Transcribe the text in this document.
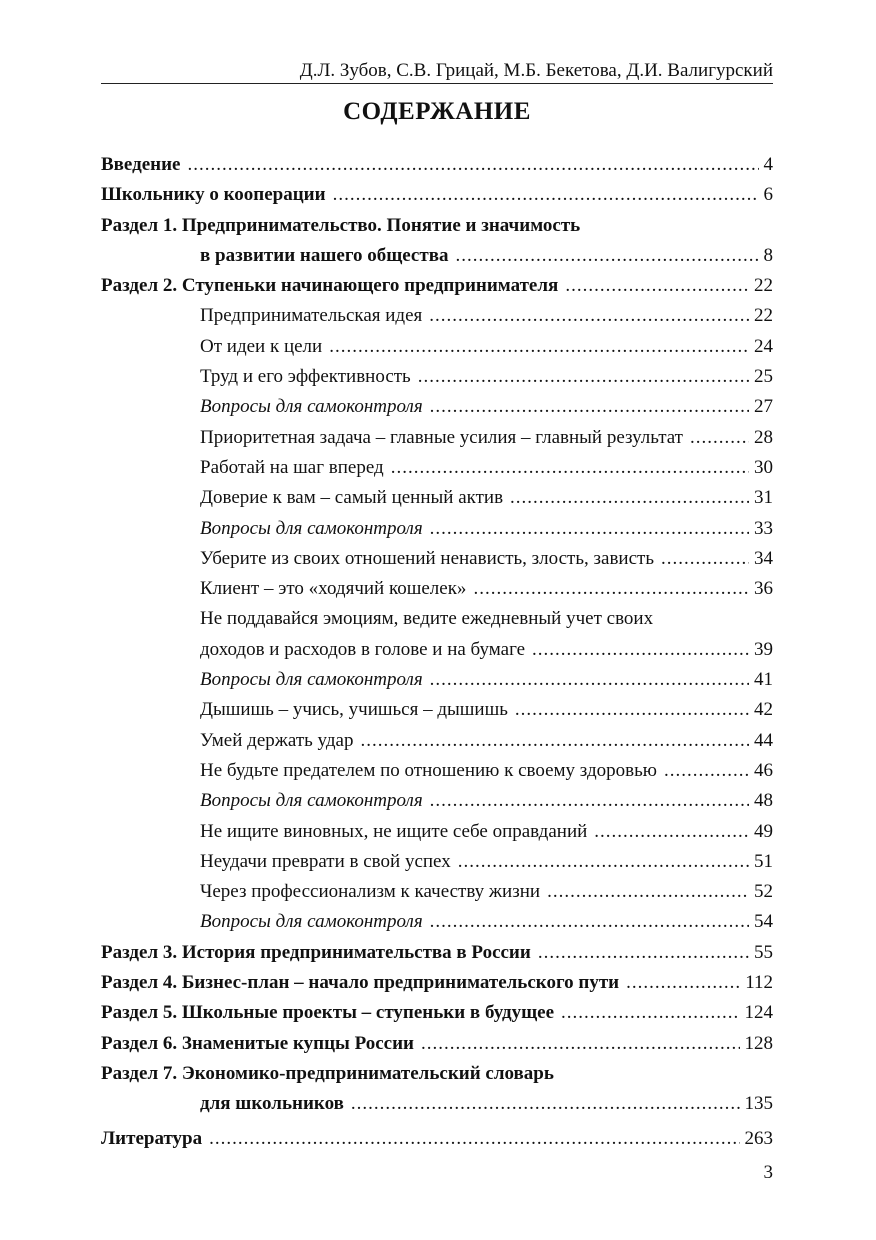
Д.Л. Зубов, С.В. Грицай, М.Б. Бекетова, Д.И. Валигурский
СОДЕРЖАНИЕ
Введение .....	4
Школьнику о кооперации .....	6
Раздел 1. Предпринимательство. Понятие и значимость
в развитии нашего общества .....	8
Раздел 2. Ступеньки начинающего предпринимателя .....	22
Предпринимательская идея .....	22
От идеи к цели .....	24
Труд и его эффективность .....	25
Вопросы для самоконтроля .....	27
Приоритетная задача – главные усилия – главный результат .....	28
Работай на шаг вперед .....	30
Доверие к вам – самый ценный актив .....	31
Вопросы для самоконтроля .....	33
Уберите из своих отношений ненависть, злость, зависть .....	34
Клиент – это «ходячий кошелек» .....	36
Не поддавайся эмоциям, ведите ежедневный учет своих
доходов и расходов в голове и на бумаге .....	39
Вопросы для самоконтроля .....	41
Дышишь – учись, учишься – дышишь .....	42
Умей держать удар .....	44
Не будьте предателем по отношению к своему здоровью .....	46
Вопросы для самоконтроля .....	48
Не ищите виновных, не ищите себе оправданий .....	49
Неудачи преврати в свой успех .....	51
Через профессионализм к качеству жизни .....	52
Вопросы для самоконтроля .....	54
Раздел 3. История предпринимательства в России .....	55
Раздел 4. Бизнес-план – начало предпринимательского пути .....	112
Раздел 5. Школьные проекты – ступеньки в будущее .....	124
Раздел 6. Знаменитые купцы России .....	128
Раздел 7. Экономико-предпринимательский словарь
для школьников .....	135
Литература .....	263
3
